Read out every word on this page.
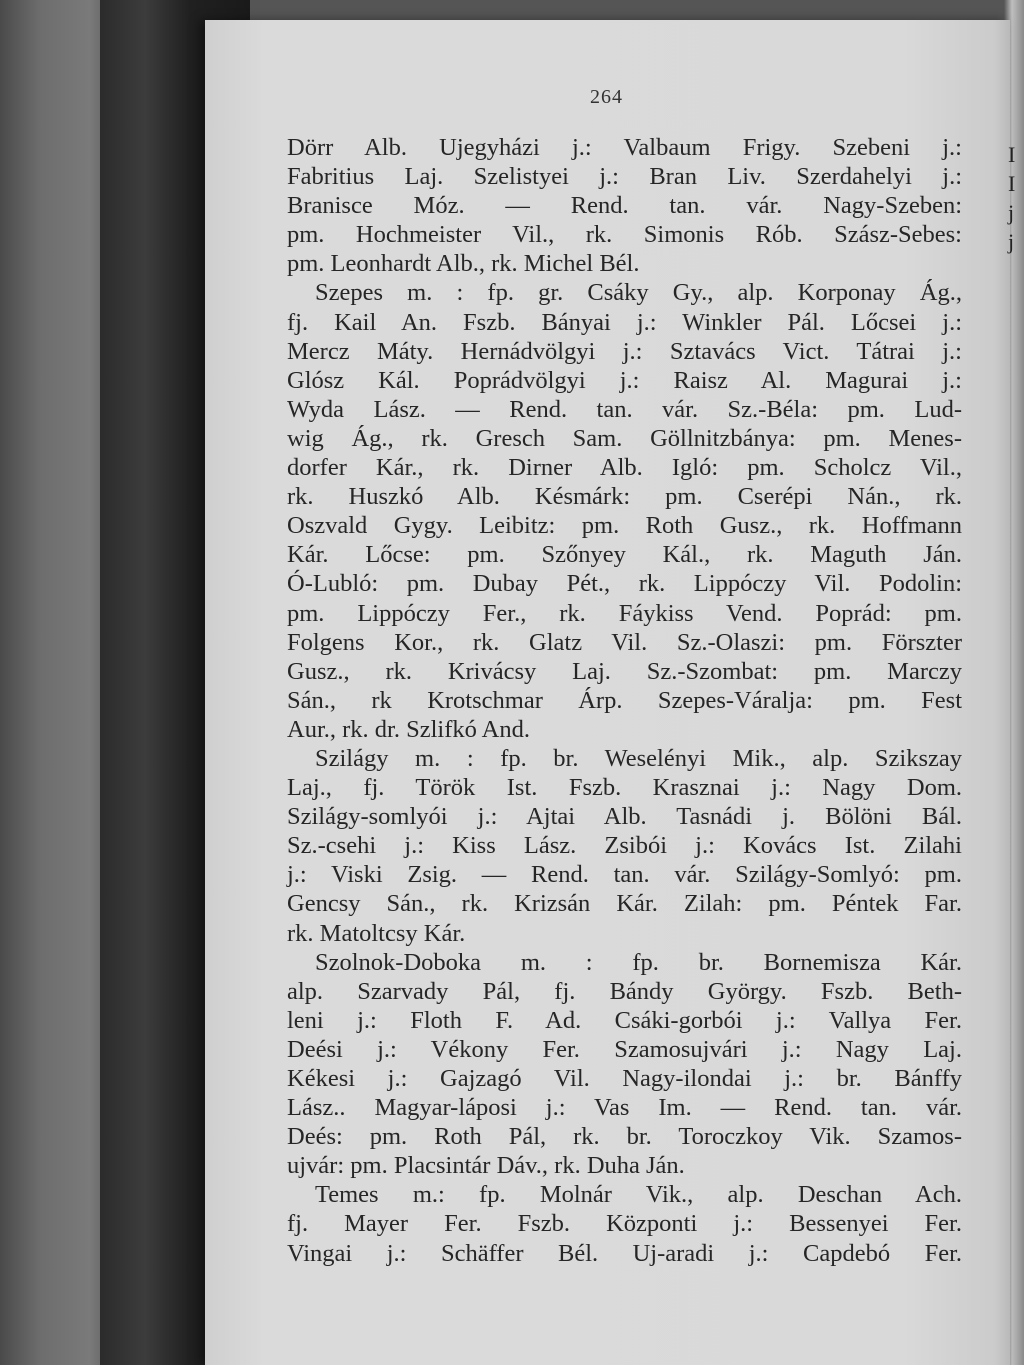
264
Dörr Alb. Ujegyházi j.: Valbaum Frigy. Szebeni j.:
Fabritius Laj. Szelistyei j.: Bran Liv. Szerdahelyi j.:
Branisce Móz. — Rend. tan. vár. Nagy-Szeben:
pm. Hochmeister Vil., rk. Simonis Rób. Szász-Sebes:
pm. Leonhardt Alb., rk. Michel Bél.
Szepes m. : fp. gr. Csáky Gy., alp. Korponay Ág.,
fj. Kail An. Fszb. Bányai j.: Winkler Pál. Lőcsei j.:
Mercz Máty. Hernádvölgyi j.: Sztavács Vict. Tátrai j.:
Glósz Kál. Poprádvölgyi j.: Raisz Al. Magurai j.:
Wyda Lász. — Rend. tan. vár. Sz.-Béla: pm. Lud-
wig Ág., rk. Gresch Sam. Göllnitzbánya: pm. Menes-
dorfer Kár., rk. Dirner Alb. Igló: pm. Scholcz Vil.,
rk. Huszkó Alb. Késmárk: pm. Cserépi Nán., rk.
Oszvald Gygy. Leibitz: pm. Roth Gusz., rk. Hoffmann
Kár. Lőcse: pm. Szőnyey Kál., rk. Maguth Ján.
Ó-Lubló: pm. Dubay Pét., rk. Lippóczy Vil. Podolin:
pm. Lippóczy Fer., rk. Fáykiss Vend. Poprád: pm.
Folgens Kor., rk. Glatz Vil. Sz.-Olaszi: pm. Förszter
Gusz., rk. Krivácsy Laj. Sz.-Szombat: pm. Marczy
Sán., rk Krotschmar Árp. Szepes-Váralja: pm. Fest
Aur., rk. dr. Szlifkó And.
Szilágy m. : fp. br. Weselényi Mik., alp. Szikszay
Laj., fj. Török Ist. Fszb. Krasznai j.: Nagy Dom.
Szilágy-somlyói j.: Ajtai Alb. Tasnádi j. Bölöni Bál.
Sz.-csehi j.: Kiss Lász. Zsibói j.: Kovács Ist. Zilahi
j.: Viski Zsig. — Rend. tan. vár. Szilágy-Somlyó: pm.
Gencsy Sán., rk. Krizsán Kár. Zilah: pm. Péntek Far.
rk. Matoltcsy Kár.
Szolnok-Doboka m. : fp. br. Bornemisza Kár.
alp. Szarvady Pál, fj. Bándy György. Fszb. Beth-
leni j.: Floth F. Ad. Csáki-gorbói j.: Vallya Fer.
Deési j.: Vékony Fer. Szamosujvári j.: Nagy Laj.
Kékesi j.: Gajzagó Vil. Nagy-ilondai j.: br. Bánffy
Lász.. Magyar-láposi j.: Vas Im. — Rend. tan. vár.
Deés: pm. Roth Pál, rk. br. Toroczkoy Vik. Szamos-
ujvár: pm. Placsintár Dáv., rk. Duha Ján.
Temes m.: fp. Molnár Vik., alp. Deschan Ach.
fj. Mayer Fer. Fszb. Központi j.: Bessenyei Fer.
Vingai j.: Schäffer Bél. Uj-aradi j.: Capdebó Fer.
I
I
j
j
